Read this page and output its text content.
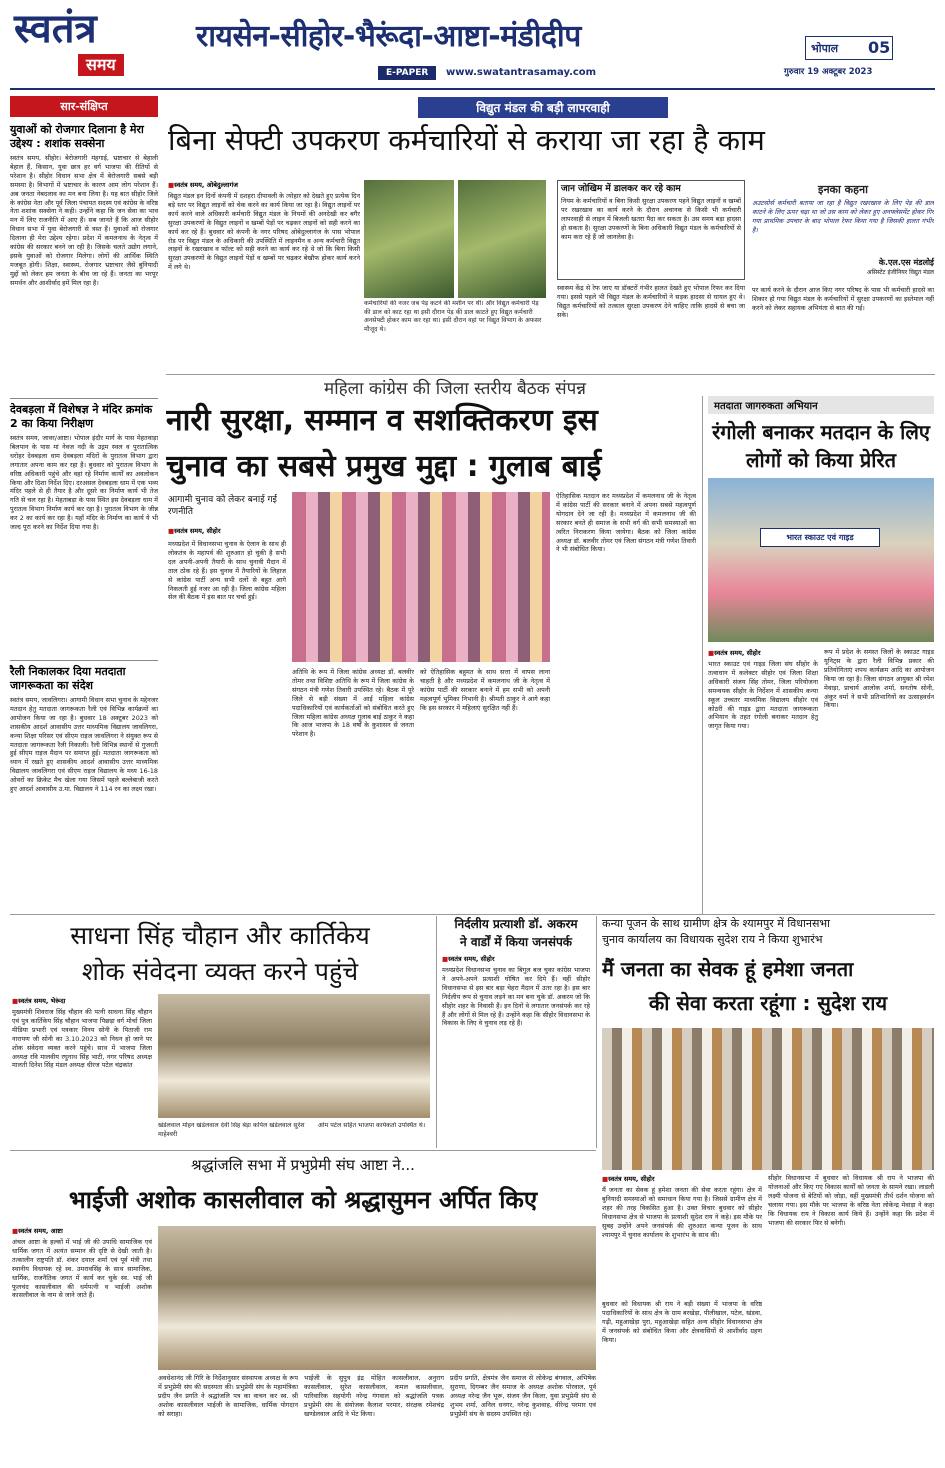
स्वतंत्र
समय
रायसेन-सीहोर-भैरूंदा-आष्टा-मंडीदीप
E-PAPER	www.swatantrasamay.com
भोपाल 05
गुरुवार 19 अक्टूबर 2023
सार-संक्षिप्त
युवाओं को रोजगार दिलाना है मेरा उद्देश्य : शशांक सक्सेना
स्वतंत्र समय, सीहोर। बेरोजगारी मंहगाई, भ्रष्टाचार से बेहाली बेहाल हैं, किसान, युवा छात्र हर वर्ग भाजपा की रीतियों से परेशान है। सीहोर विधान सभा क्षेत्र में बेरोजगारी सबसे बड़ी समस्या है। विभागों में भ्रष्टाचार के कारण आम लोग परेशान हैं। अब जनता नेबदलाव का मन बना लिया है। यह बात सीहोर जिले के कांग्रेस नेता और पूर्व जिला पंचायत सदस्य एवं कांग्रेस के वरिष्ठ नेता शशांक सक्सेना ने कही। उन्होंने कहा कि जन सेवा का भाव मन में लिए राजनीति में आए हैं। सब जानते हैं कि आज सीहोर विधान सभा में युवा बेरोजगारी से त्रस्त हैं। युवाओं को रोजगार दिलाना ही मेरा उद्देश्य रहेगा। प्रदेश में कमलनाथ के नेतृत्व में कांग्रेस की सरकार बनने जा रही है। जिसके चलते उद्योग लगाने, इसके युवाओं को रोजगार मिलेगा। लोगों की आर्थिक स्थिति मजबूत होगी। शिक्षा, स्वास्थ्य, रोजगार भ्रष्टाचार जैसे बुनियादी मुद्दों को लेकर हम जनता के बीच जा रहे हैं। जनता का भरपूर समर्थन और आशीर्वाद हमें मिल रहा है।
देवबड़ला में विशेषज्ञ ने मंदिर क्रमांक 2 का किया निरीक्षण
स्वतंत्र समय, जावर/आष्टा। भोपाल इंदौर मार्ग के पास मेहतवाड़ा बिलपान के पास मां नेवज नदी के उद्गम स्थल व पुरातात्विक धरोहर देवबड़ला धाम देवबड़ला मंदिरों के पुरातत्व विभाग द्वारा लगातार अपना काम कर रहा है। बुधवार को पुरातत्व विभाग के वरिष्ठ अधिकारी पहुंचे और वहां रहे निर्माण कार्यों का अवलोकन किया और दिशा निर्देश दिए। दरअसल देवबड़ला धाम में एक भव्य मंदिर पहले से ही तैयार है और दूसरे का निर्माण कार्य भी तेज गति से चल रहा है। मेहताबड़ा के पास स्थित इस देवबड़ला धाम में पुरातत्व विभाग निर्माण कार्य कर रहा है। पुरातत्व विभाग के जीन्न कर 2 का कार्य कर रहा है। यहाँ मंदिर के निर्माण का कार्य ये भी जल्द पूरा करने का निर्देश दिया गया है।
रैली निकालकर दिया मतदाता जागरूकता का संदेश
स्वतंत्र समय, जावलिगरा। आगामी विधान सभा चुनाव के मद्देनजर मतदान हेतु मतदाता जागरूकता रैली एवं विभिन्न कार्यक्रमों का आयोजन किया जा रहा है। बुधवार 18 अक्टूबर 2023 को शासकीय आदर्श आवासीय उत्तर माध्यमिक विद्यालय जावलिगरा, कन्या शिक्षा परिसर एवं सीएम राइज जावलिगरा ने संयुक्त रूप से मतदाता जागरूकता रैली निकाली। रैली विभिन्न स्थानों से गुजरती हुई सीएम राइज मैदान पर समाप्त हुई। मतदाता जागरूकता को ध्यान में रखते हुए शासकीय आदर्श आवासीय उत्तर माध्यमिक विद्यालय जावलिगरा एवं सीएम राइज विद्यालय के मध्य 16-18 ओवरों का क्रिकेट मैच खेला गया जिसमें पहले बल्लेबाजी करते हुए आदर्श आवासीय उ.मा. विद्यालय ने 114 रन का लक्ष्य रखा।
विद्युत मंडल की बड़ी लापरवाही
बिना सेफ्टी उपकरण कर्मचारियों से कराया जा रहा है काम
■ स्वतंत्र समय, ओबेदुल्लागंज
विद्युत मंडल इन दिनों कंपनी में दशहरा दीपावली के त्योहार को देखते हुए प्रत्येक दिन बड़े स्तर पर विद्युत लाइनों को चेक करने का कार्य किया जा रहा है। विद्युत लाइनों पर कार्य करने वाले अधिकारी कर्मचारी विद्युत मंडल के नियमों की अनदेखी कर बगैर सुरक्षा उपकरणों के विद्युत लाइनों व खम्बों पेड़ों पर चढ़कर लाइनों को सही करने का कार्य कर रहे हैं। बुधवार को कंपनी के नगर परिषद ओबेदुल्लागंज के पास भोपाल रोड पर विद्युत मंडल के अधिकारी की उपस्थिति में लाइनमैन व अन्य कर्मचारी विद्युत लाइनों के रखरखाव व फॉल्ट को सही करने का कार्य कर रहे थे जो कि बिना किसी सुरक्षा उपकरणों के विद्युत लाइनों पेड़ों व खम्बों पर चढ़कर बेखौफ होकर कार्य करने में लगे थे।
कर्मचारियों की नजर जब पेड़ कटने की मशीन पर थी। और विद्युत कर्मचारी पेड़ की डाल को काट रहा था इसी दौरान पेड़ की डाल काटते हुए विद्युत कर्मचारी अनसेफ्टी होकर काम कर रहा था। इसी दौरान वहां पर विद्युत विभाग के अफसर मौजूद थे।
जान जोखिम में डालकर कर रहे काम
नियम के कर्मचारियों व बिना किसी सुरक्षा उपकरण पहने विद्युत लाइनों व खम्बों पर रखरखाव का कार्य करने के दौरान अचानक से किसी भी कर्मचारी लापरवाही से लाइन में बिजली खतरा पैदा कर सकता है। उस समय बड़ा हादसा हो सकता है। सुरक्षा उपकरणों के बिना अधिकारी विद्युत मंडल के कर्मचारियों से काम करा रहे हैं जो जानलेवा है।
स्वास्थ्य केंद्र से रेफ जाए या डॉक्टरों गंभीर हालत देखते हुए भोपाल रिफर कर दिया गया। इससे पहले भी विद्युत मंडल के कर्मचारियों ने सड़क हादसा से घायल हुए थे। विद्युत कर्मचारियों को तत्काल सुरक्षा उपकरण देने चाहिए ताकि हादसे से बचा जा सके।
इनका कहना
अउटसोर्स कर्मचारी बताया जा रहा है विद्युत रखरखाव के लिए पेड़ की डाल काटने के लिए ऊपर चढ़ा था जो उस काम को लेकर हुए अनफ्लेसमेंट होकर गिर गया प्राथमिक उपचार के बाद भोपाल रेफर किया गया है जिसकी हालत गंभीर है।
के.एल.एस मंडलोई
असिस्टेंट इंजीनियर विद्युत मंडल
पर कार्य करने के दौरान आज किए नगर परिषद के पास भी कर्मचारी हादसे का शिकार हो गया विद्युत मंडल के कर्मचारियों में सुरक्षा उपकरणों का इस्तेमाल नहीं करने को लेकर सहायक अभियंता से बात की गई।
महिला कांग्रेस की जिला स्तरीय बैठक संपन्न
नारी सुरक्षा, सम्मान व सशक्तिकरण इस
चुनाव का सबसे प्रमुख मुद्दा : गुलाब बाई
आगामी चुनाव को लेकर बनाई गई रणनीति
■ स्वतंत्र समय, सीहोर
मध्यप्रदेश में विधानसभा चुनाव के ऐलान के साथ ही लोकतंत्र के महापर्व की शुरुआत हो चुकी है सभी दल अपनी-अपनी तैयारी के साथ चुनावी मैदान में ताल ठोक रहे हैं। इस चुनाव में तैयारियों के लिहाज से कांग्रेस पार्टी अन्य सभी दलों से बहुत आगे निकलती हुई नजर आ रही है। जिला कांग्रेस महिला सेल की बैठक में इस बात पर चर्चा हुई।
अतिथि के रूप में जिला कांग्रेस अध्यक्ष डॉ. बलवीर तोमर तथा विशिष्ट अतिथि के रूप में जिला कांग्रेस के संगठन मंत्री गणेश तिवारी उपस्थित रहे। बैठक में पूरे जिले से बड़ी संख्या में आई महिला कांग्रेस पदाधिकारियों एवं कार्यकर्ताओं को संबोधित करते हुए जिला महिला कांग्रेस अध्यक्ष गुलाब बाई ठाकुर ने कहा कि आज भाजपा के 18 वर्षों के कुशासन से जनता परेशान है।
को ऐतिहासिक बहुमत के साथ सत्ता में वापस लाना चाहती है और मध्यप्रदेश में कमलनाथ जी के नेतृत्व में कांग्रेस पार्टी की सरकार बनाने में हम सभी को अपनी महत्वपूर्ण भूमिका निभानी है। श्रीमती ठाकुर ने आगे कहा कि इस सरकार में महिलाएं सुरक्षित नहीं हैं।
ऐतिहासिक मतदान कर मध्यप्रदेश में कमलनाथ जी के नेतृत्व में कांग्रेस पार्टी की सरकार बनाने में अपना सबसे महत्वपूर्ण योगदान देने जा रही है। मध्यप्रदेश में कमलनाथ जी की सरकार बनते ही समाज के सभी वर्ग की सभी समस्याओं का त्वरित निराकरण किया जायेगा। बैठक को जिला कांग्रेस अध्यक्ष डॉ. बलवीर तोमर एवं जिला संगठन मंत्री गणेश तिवारी ने भी संबोधित किया।
मतदाता जागरुकता अभियान
रंगोली बनाकर मतदान के लिए लोगों को किया प्रेरित
भारत स्काउट एवं गाइड
■ स्वतंत्र समय, सीहोर
भारत स्काउट एवं गाइड जिला संघ सीहोर के तत्वाधान में कलेक्टर सीहोर एवं जिला शिक्षा अधिकारी संजय सिंह तोमर, जिला परियोजना समन्वयक सीहोर के निर्देशन में शासकीय कन्या स्कूल उच्चतर माध्यमिक विद्यालय सीहोर एवं कोठरी की गाइड द्वारा मतदाता जागरूकता अभियान के तहत रंगोली बनाकर मतदान हेतु जागृत किया गया।
रूप में प्रदेश के समस्त जिलों के स्काउट गाइड यूनिट्स के द्वारा रैली विभिन्न प्रकार की प्रतियोगिताएं शपथ कार्यक्रम आदि का आयोजन किया जा रहा है। जिला संगठन आयुक्त श्री रमेश मेवाड़ा, प्राचार्य आलोक शर्मा, सनतोष सोनी, अंकुर वर्मा ने सभी प्रतिभागियों का उत्साहवर्धन किया।
साधना सिंह चौहान और कार्तिकेय
शोक संवेदना व्यक्त करने पहुंचे
■ स्वतंत्र समय, भेरूंदा
मुख्यमंत्री शिवराज सिंह चौहान की पत्नी साधना सिंह चौहान एवं पुत्र कार्तिकेय सिंह चौहान भाजपा पिछड़ा वर्ग मोर्चा जिला मीडिया प्रभारी एवं पत्रकार विनय सोनी के पिताजी राम नारायण जी सोनी का 3.10.2023 को निधन हो जाने पर शोक संवेदना व्यक्त करने पहुंचे। साथ में भाजपा जिला अध्यक्ष रवि मालवीय रघुनाथ सिंह भाटी, नगर परिषद अध्यक्ष मालती दिनेश सिंह मंडल अध्यक्ष धीरज पटेल चंद्रकांत
खंडेलवाल मोहन खंडेलवाल देवी सिंह बेड़ा कपिल खंडेलवाल सुरेश माहेश्वरी
ओम पटेल सहित भाजपा कार्यकर्ता उपस्थित थे।
निर्दलीय प्रत्याशी डॉ. अकरम
ने वार्डों में किया जनसंपर्क
■ स्वतंत्र समय, सीहोर
मध्यप्रदेश विधानसभा चुनाव का बिगुल बज चुका कांग्रेस भाजपा ने अपने-अपने प्रत्याशी घोषित कर दिये हैं। वहीं सीहोर विधानसभा से इस बार बड़ा चेहरा मैदान में उतर रहा है। इस बार निर्दलीय रूप से चुनाव लड़ने का मन बना चुके डॉ. अकरम जो कि सीहोर शहर के निवासी हैं। इन दिनों वे लगातार जनसंपर्क कर रहे हैं और लोगों से मिल रहे हैं। उन्होंने कहा कि सीहोर विधानसभा के विकास के लिए वे चुनाव लड़ रहे हैं।
कन्या पूजन के साथ ग्रामीण क्षेत्र के श्यामपुर में विधानसभा
चुनाव कार्यालय का विधायक सुदेश राय ने किया शुभारंभ
मैं जनता का सेवक हूं हमेशा जनता
की सेवा करता रहूंगा : सुदेश राय
श्रद्धांजलि सभा में प्रभुप्रेमी संघ आष्टा ने...
भाईजी अशोक कासलीवाल को श्रद्धासुमन अर्पित किए
■ स्वतंत्र समय, आष्टा
अंचल आष्टा के हल्कों में भाई जी की उपाधि सामाजिक एवं धार्मिक जगत में अत्यंत सम्मान की दृष्टि से देखी जाती है। तत्कालीन राष्ट्रपति डॉ. शंकर दयाल शर्मा एवं पूर्व मंत्री तथा स्थानीय विधायक रहे स्व. उमरावसिंह के साथ सामाजिक, धार्मिक, राजनैतिक जगत में कार्य कर चुके स्व. भाई जी फूलचंद कासलीवाल की धर्मपत्नी व भाईजी अशोक कासलीवाल के नाम से जाने जाते हैं।
अवधेशानंद जी गिरि के निर्देशानुसार संस्थापक अध्यक्ष के रूप में प्रभुप्रेमी संघ की सदस्यता की। प्रभुप्रेमी संघ के महामंत्रिका प्रदीप जैन प्रगति ने श्रद्धांजलि पत्र का वाचन कर स्व. श्री अशोक कासलीवाल भाईजी के सामाजिक, धार्मिक योगदान को सराहा।
भाईजी के सुपुत्र इंद्र मोहित कासलीवाल, अनुराग कासलीवाल, सुरेश कासलीवाल, कमल कासलीवाल, पारिवारिक सहयोगी नरेन्द्र गंगवाल को श्रद्धांजलि पत्रक प्रभुप्रेमी संघ के संयोजक कैलाश परमार, संरक्षक रमेशचंद्र खण्डेलवाल आदि ने भेंट किया।
प्रदीप प्रगति, क्षेत्रमंत्र जैन समाज से लोकेन्द्र बंगवाल, अभिषेक सुराणा, दिगम्बर जैन समाज के अध्यक्ष अशोक पोरवाल, पूर्व अध्यक्ष नरेन्द्र जैन भूरू, संजय जैन किला, युवा प्रभुप्रेमी संघ से शुभम शर्मा, अनिल धनगर, नरेन्द्र कुशवाह, वीरेन्द्र परमार एवं प्रभुप्रेमी संघ के सदस्य उपस्थित रहे।
■ स्वतंत्र समय, सीहोर
मैं जनता का सेवक हूं हमेशा जनता की सेवा करता रहूंगा। क्षेत्र में बुनियादी समस्याओं को समाधान किया गया है। जिससे ग्रामीण क्षेत्र में शहर की तरह विकसित हुआ है। उक्त विचार बुधवार को सीहोर विधानसभा क्षेत्र से भाजपा के प्रत्याशी सुदेश राय ने कहे। इस मौके पर सुबह उन्होंने अपने जनसंपर्क की शुरुआत कन्या पूजन के साथ श्यामपुर में चुनाव कार्यालय के शुभारंभ के साथ की।
बुधवार को विधायक श्री राय ने बड़ी संख्या में भाजपा के वरिष्ठ पदाधिकारियों के साथ क्षेत्र के ग्राम बरखेड़ा, पीलीखाल, पटेल, खंडवा, गढ़ी, महुआखेड़ा पुरा, महुआखेड़ा सहित अन्य सीहोर विधानसभा क्षेत्र में जनसंपर्क को संबोधित किया और क्षेत्रवासियों से आशीर्वाद ग्रहण किया।
सीहोर विधानसभा में बुधवार को विधायक श्री राय ने भाजपा की योजनाओं और किए गए विकास कार्यों को जनता के सामने रखा। लाडली लक्ष्मी योजना से बेटियों को जोड़ा, वहीं मुख्यमंत्री तीर्थ दर्शन योजना को चलाया गया। इस मौके पर भाजपा के वरिष्ठ नेता लोकेन्द्र मेवाड़ा ने कहा कि विधायक राय ने विकास कार्य किये हैं। उन्होंने कहा कि प्रदेश में भाजपा की सरकार फिर से बनेगी।
